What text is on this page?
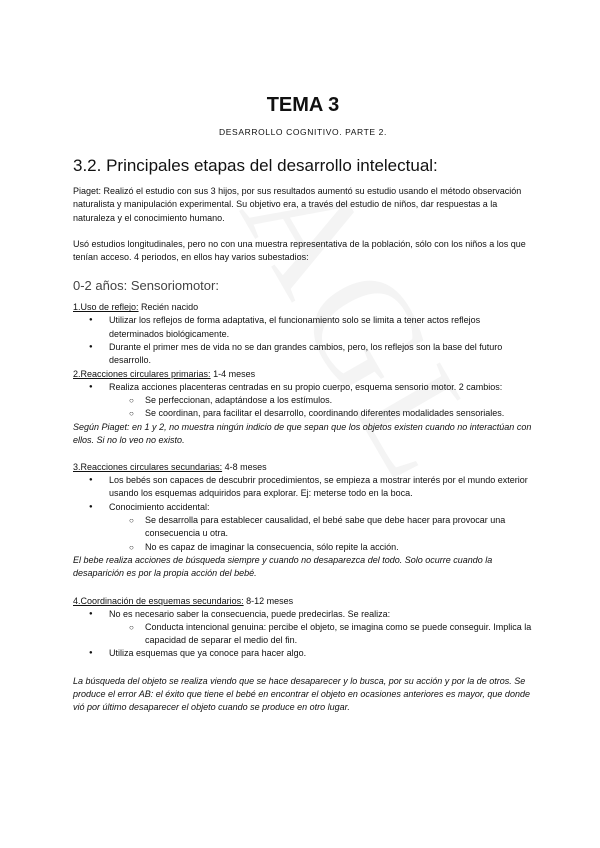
TEMA 3
DESARROLLO COGNITIVO. PARTE 2.
3.2. Principales etapas del desarrollo intelectual:

Piaget: Realizó el estudio con sus 3 hijos, por sus resultados aumentó su estudio usando el método observación naturalista y manipulación experimental. Su objetivo era, a través del estudio de niños, dar respuestas a la naturaleza y el conocimiento humano.

Usó estudios longitudinales, pero no con una muestra representativa de la población, sólo con los niños a los que tenían acceso. 4 periodos, en ellos hay varios subestadios:

0-2 años: Sensoriomotor:
1.Uso de reflejo: Recién nacido
● Utilizar los reflejos de forma adaptativa, el funcionamiento solo se limita a tener actos reflejos determinados biológicamente.
● Durante el primer mes de vida no se dan grandes cambios, pero, los reflejos son la base del futuro desarrollo.
2.Reacciones circulares primarias: 1-4 meses
● Realiza acciones placenteras centradas en su propio cuerpo, esquema sensorio motor. 2 cambios:
○ Se perfeccionan, adaptándose a los estímulos.
○ Se coordinan, para facilitar el desarrollo, coordinando diferentes modalidades sensoriales.
Según Piaget: en 1 y 2, no muestra ningún indicio de que sepan que los objetos existen cuando no interactúan con ellos. Si no lo veo no existo.
3.Reacciones circulares secundarias: 4-8 meses
● Los bebés son capaces de descubrir procedimientos, se empieza a mostrar interés por el mundo exterior usando los esquemas adquiridos para explorar. Ej: meterse todo en la boca.
● Conocimiento accidental:
○ Se desarrolla para establecer causalidad, el bebé sabe que debe hacer para provocar una consecuencia u otra.
○ No es capaz de imaginar la consecuencia, sólo repite la acción.
El bebe realiza acciones de búsqueda siempre y cuando no desaparezca del todo. Solo ocurre cuando la desaparición es por la propia acción del bebé.
4.Coordinación de esquemas secundarios: 8-12 meses
● No es necesario saber la consecuencia, puede predecirlas. Se realiza:
○ Conducta intencional genuina: percibe el objeto, se imagina como se puede conseguir. Implica la capacidad de separar el medio del fin.
● Utiliza esquemas que ya conoce para hacer algo.
La búsqueda del objeto se realiza viendo que se hace desaparecer y lo busca, por su acción y por la de otros. Se produce el error AB: el éxito que tiene el bebé en encontrar el objeto en ocasiones anteriores es mayor, que donde vió por último desaparecer el objeto cuando se produce en otro lugar.
